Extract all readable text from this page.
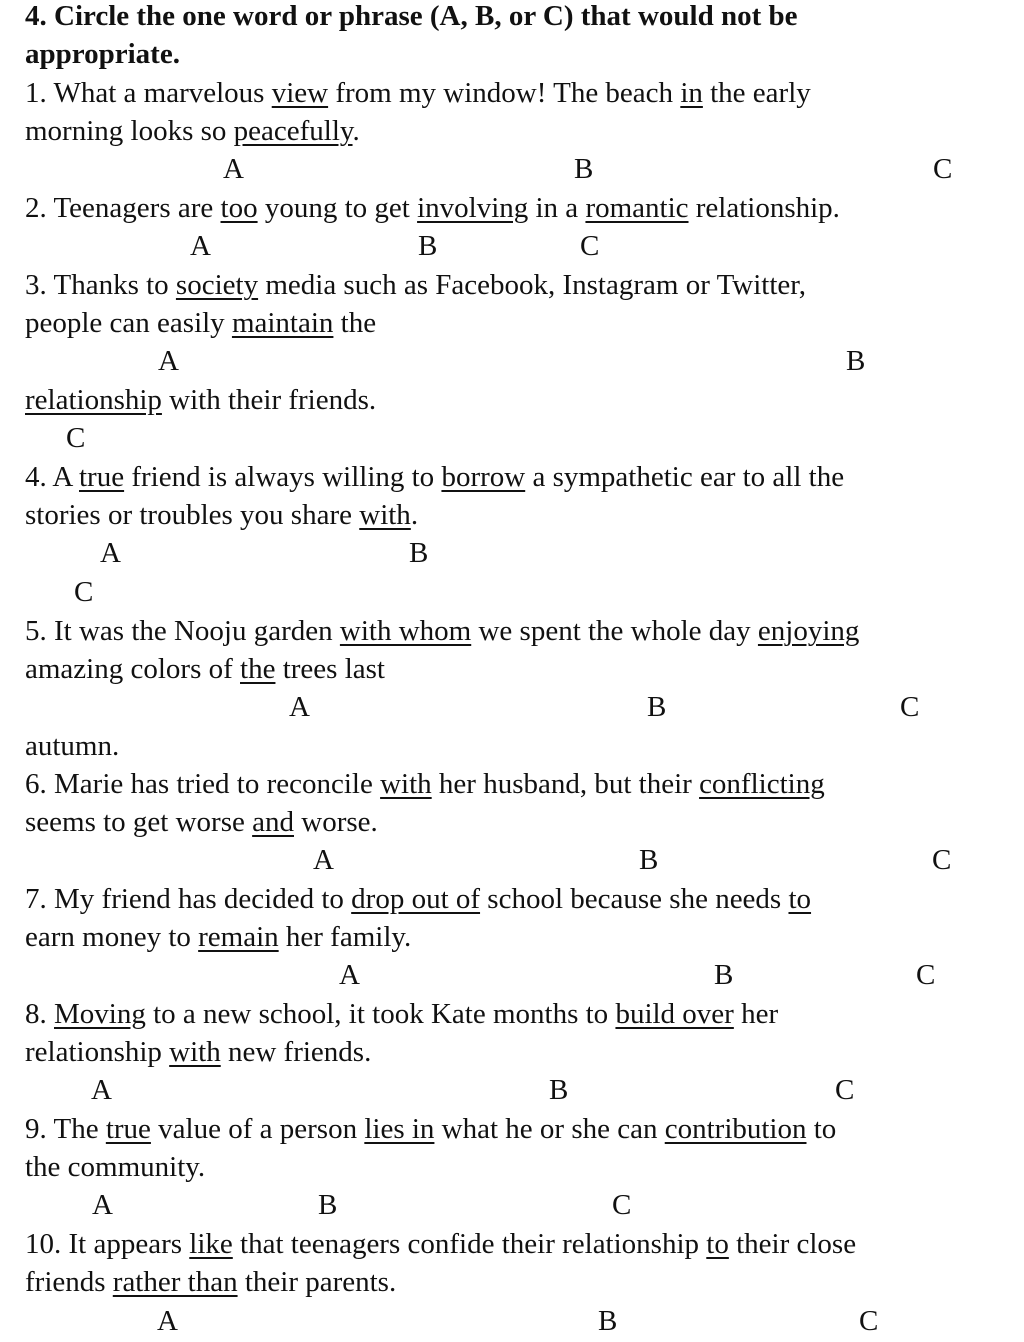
4. Circle the one word or phrase (A, B, or C) that would not be
appropriate.
1. What a marvelous view from my window! The beach in the early
morning looks so peacefully.
A	B	C
2. Teenagers are too young to get involving in a romantic relationship.
A	B	C
3. Thanks to society media such as Facebook, Instagram or Twitter,
people can easily maintain the
A	B
relationship with their friends.
C
4. A true friend is always willing to borrow a sympathetic ear to all the
stories or troubles you share with.
A	B
C
5. It was the Nooju garden with whom we spent the whole day enjoying
amazing colors of the trees last
A	B	C
autumn.
6. Marie has tried to reconcile with her husband, but their conflicting
seems to get worse and worse.
A	B	C
7. My friend has decided to drop out of school because she needs to
earn money to remain her family.
A	B	C
8. Moving to a new school, it took Kate months to build over her
relationship with new friends.
A	B	C
9. The true value of a person lies in what he or she can contribution to
the community.
A	B	C
10. It appears like that teenagers confide their relationship to their close
friends rather than their parents.
A	B	C
